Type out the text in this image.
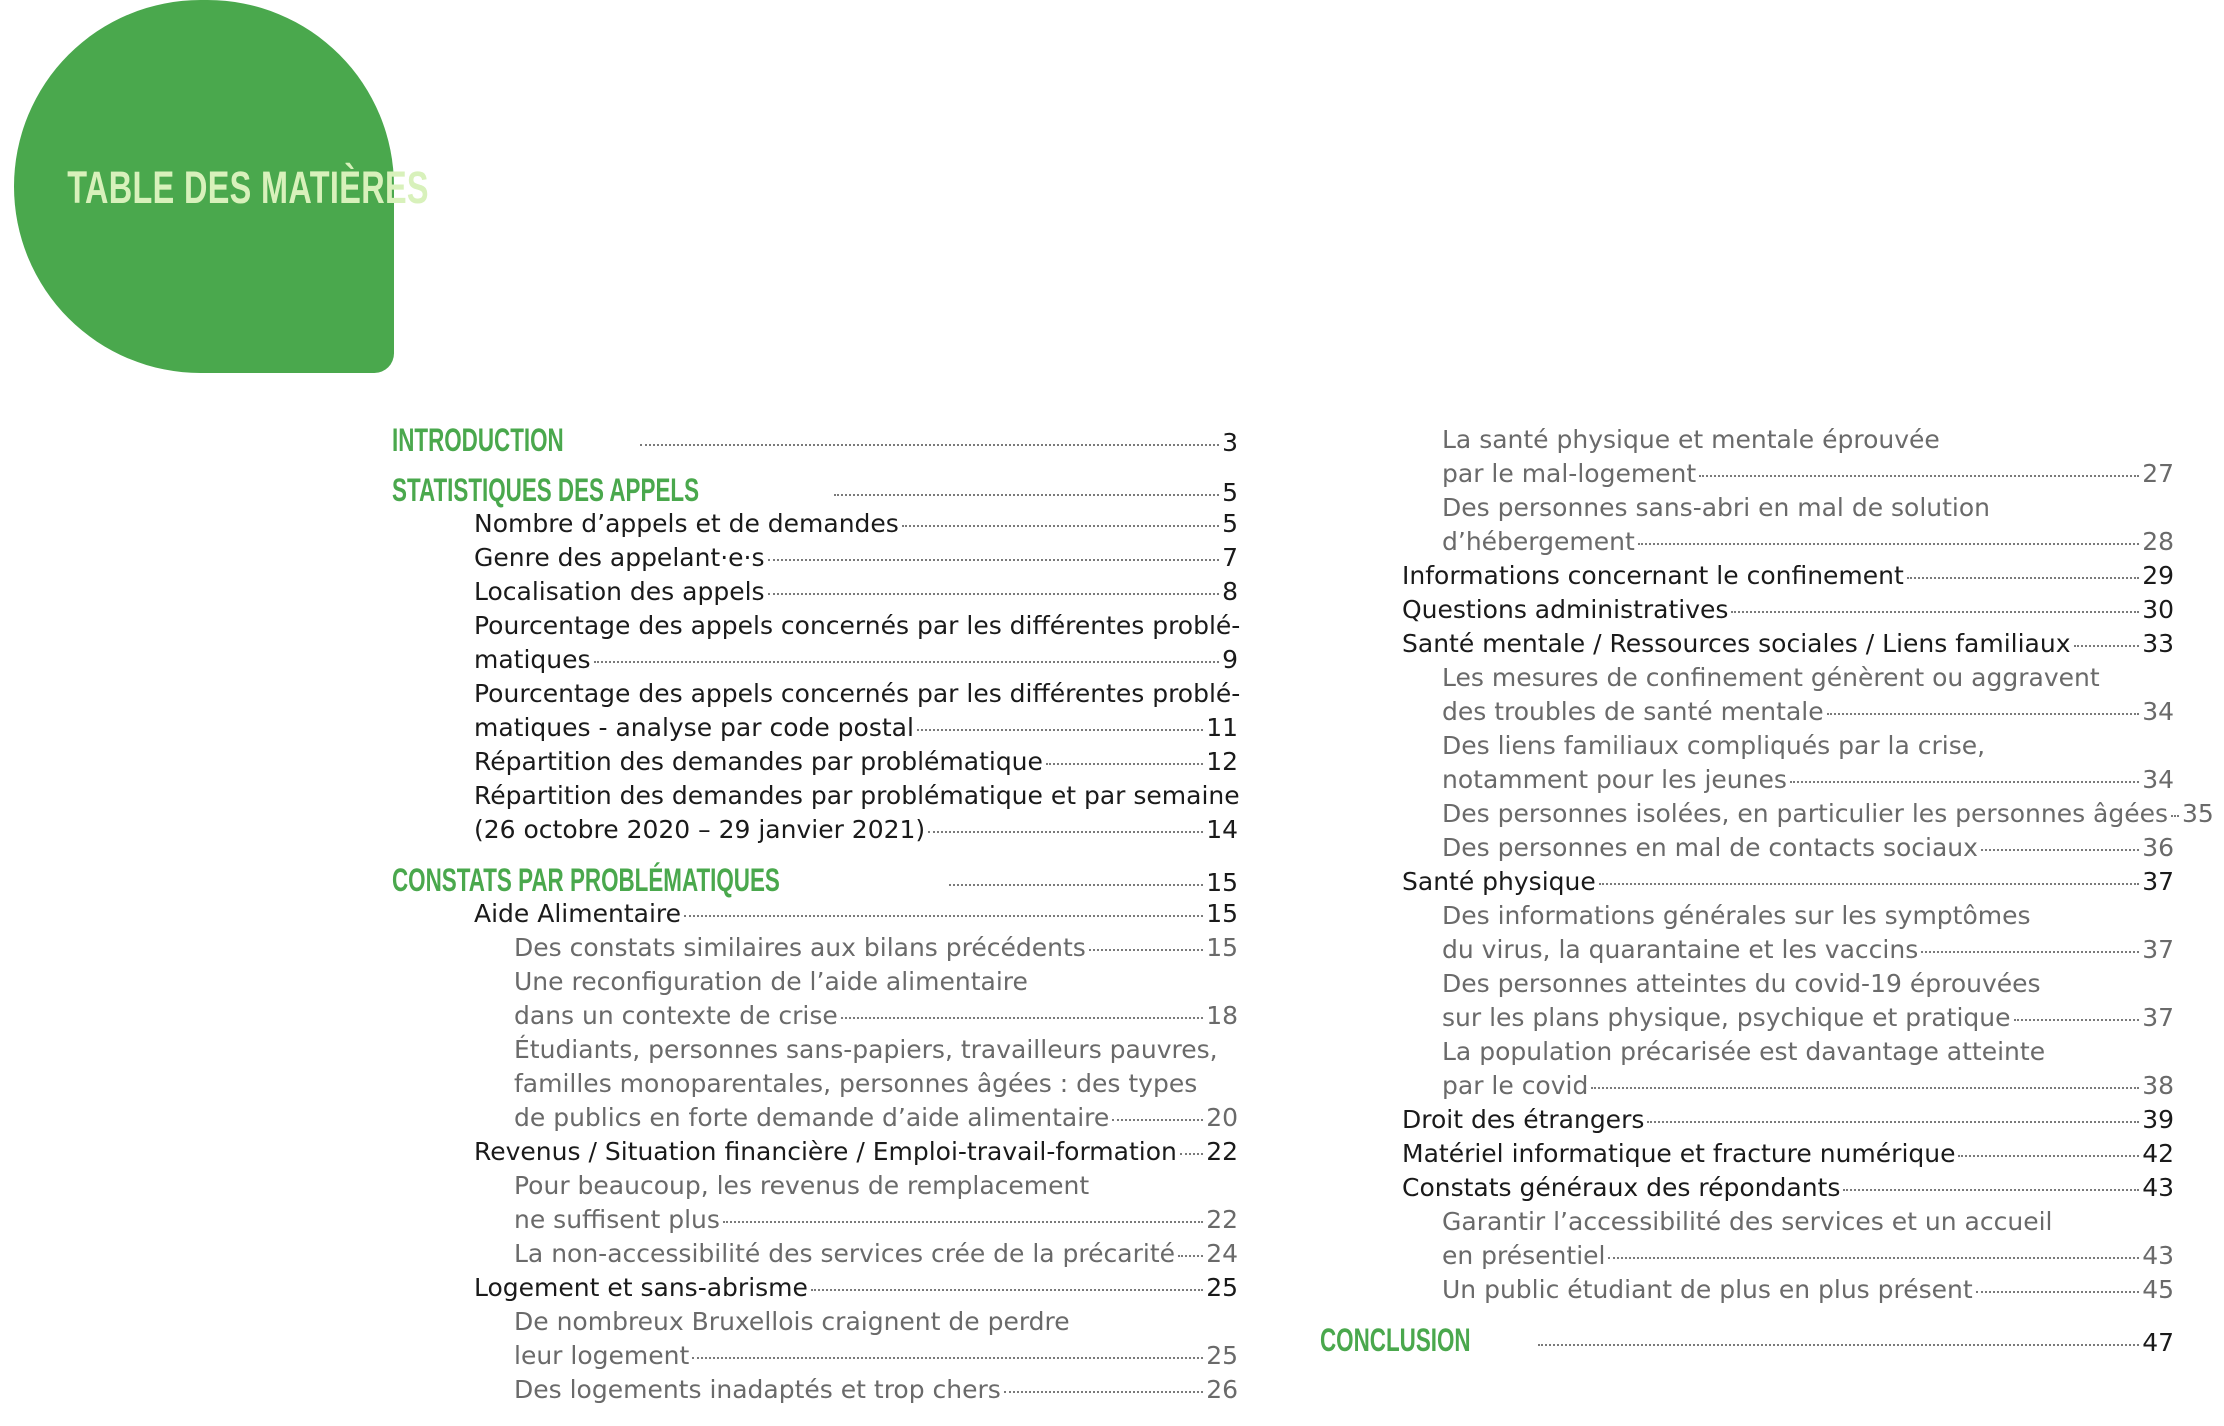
TABLE DES MATIÈRES
INTRODUCTION	3
STATISTIQUES DES APPELS	5
Nombre d’appels et de demandes	5
Genre des appelant·e·s	7
Localisation des appels	8
Pourcentage des appels concernés par les différentes problé-
matiques	9
Pourcentage des appels concernés par les différentes problé-
matiques - analyse par code postal	11
Répartition des demandes par problématique	12
Répartition des demandes par problématique et par semaine
(26 octobre 2020 – 29 janvier 2021)	14
CONSTATS PAR PROBLÉMATIQUES	15
Aide Alimentaire	15
Des constats similaires aux bilans précédents	15
Une reconfiguration de l’aide alimentaire
dans un contexte de crise	18
Étudiants, personnes sans-papiers, travailleurs pauvres,
familles monoparentales, personnes âgées : des types
de publics en forte demande d’aide alimentaire	20
Revenus / Situation financière / Emploi-travail-formation 22
Pour beaucoup, les revenus de remplacement
ne suffisent plus	22
La non-accessibilité des services crée de la précarité 24
Logement et sans-abrisme	25
De nombreux Bruxellois craignent de perdre
leur logement	25
Des logements inadaptés et trop chers	26
La santé physique et mentale éprouvée
par le mal-logement	27
Des personnes sans-abri en mal de solution
d’hébergement	28
Informations concernant le confinement	29
Questions administratives	30
Santé mentale / Ressources sociales / Liens familiaux	33
Les mesures de confinement génèrent ou aggravent
des troubles de santé mentale	34
Des liens familiaux compliqués par la crise,
notamment pour les jeunes	34
Des personnes isolées, en particulier les personnes âgées 35
Des personnes en mal de contacts sociaux	36
Santé physique	37
Des informations générales sur les symptômes
du virus, la quarantaine et les vaccins	37
Des personnes atteintes du covid-19 éprouvées
sur les plans physique, psychique et pratique	37
La population précarisée est davantage atteinte
par le covid	38
Droit des étrangers	39
Matériel informatique et fracture numérique	42
Constats généraux des répondants	43
Garantir l’accessibilité des services et un accueil
en présentiel	43
Un public étudiant de plus en plus présent	45
CONCLUSION	47
